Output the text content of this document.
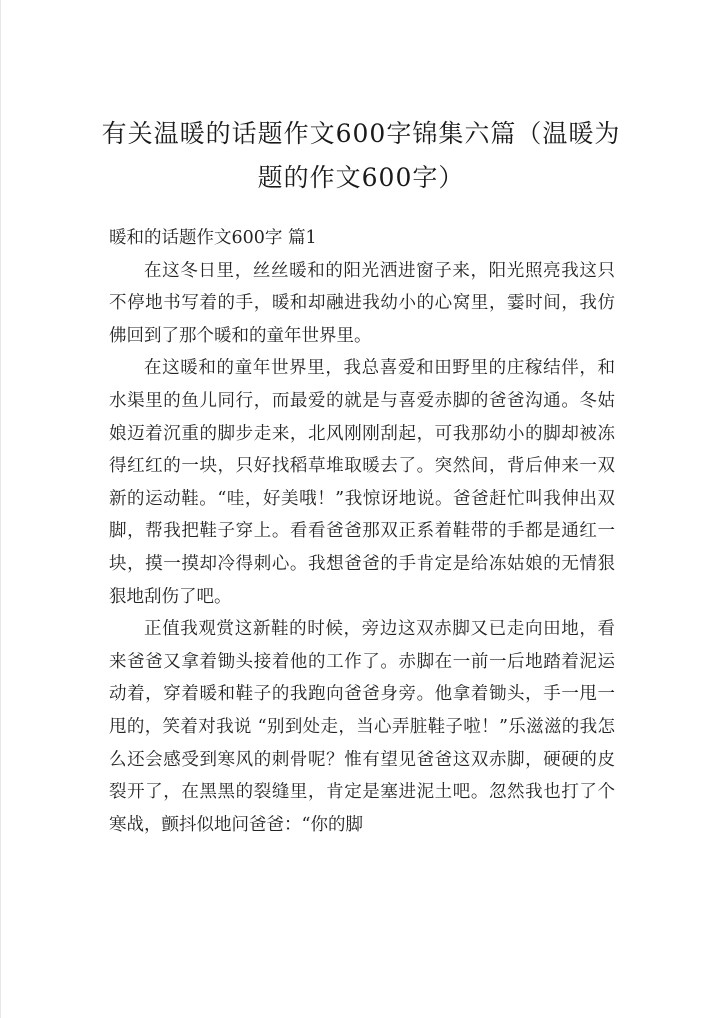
有关温暖的话题作文600字锦集六篇（温暖为题的作文600字）

暖和的话题作文600字 篇1

在这冬日里，丝丝暖和的阳光洒进窗子来，阳光照亮我这只不停地书写着的手，暖和却融进我幼小的心窝里，霎时间，我仿佛回到了那个暖和的童年世界里。

在这暖和的童年世界里，我总喜爱和田野里的庄稼结伴，和水渠里的鱼儿同行，而最爱的就是与喜爱赤脚的爸爸沟通。冬姑娘迈着沉重的脚步走来，北风刚刚刮起，可我那幼小的脚却被冻得红红的一块，只好找稻草堆取暖去了。突然间，背后伸来一双新的运动鞋。“哇，好美哦！”我惊讶地说。爸爸赶忙叫我伸出双脚，帮我把鞋子穿上。看看爸爸那双正系着鞋带的手都是通红一块，摸一摸却冷得刺心。我想爸爸的手肯定是给冻姑娘的无情狠狠地刮伤了吧。

正值我观赏这新鞋的时候，旁边这双赤脚又已走向田地，看来爸爸又拿着锄头接着他的工作了。赤脚在一前一后地踏着泥运动着，穿着暖和鞋子的我跑向爸爸身旁。他拿着锄头，手一甩一甩的，笑着对我说 “别到处走，当心弄脏鞋子啦！”乐滋滋的我怎么还会感受到寒风的刺骨呢？惟有望见爸爸这双赤脚，硬硬的皮裂开了，在黑黑的裂缝里，肯定是塞进泥土吧。忽然我也打了个寒战，颤抖似地问爸爸：“你的脚
